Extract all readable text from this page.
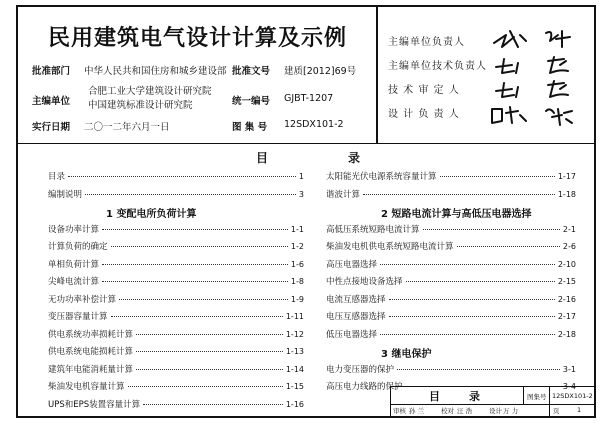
民用建筑电气设计计算及示例
批准部门 中华人民共和国住房和城乡建设部 批准文号 建质[2012]69号
主编单位
合肥工业大学建筑设计研究院
中国建筑标准设计研究院	统一编号 GJBT-1207
实行日期 二〇一二年六月一日	图 集 号 12SDX101-2
主编单位负责人
主编单位技术负责人
技 术 审 定 人
设 计 负 责 人
目	录
目录	1
编制说明	3
1 变配电所负荷计算
设备功率计算	1-1
计算负荷的确定	1-2
单相负荷计算	1-6
尖峰电流计算	1-8
无功功率补偿计算	1-9
变压器容量计算	1-11
供电系统功率损耗计算	1-12
供电系统电能损耗计算	1-13
建筑年电能消耗量计算	1-14
柴油发电机容量计算	1-15
UPS和EPS装置容量计算	1-16
太阳能光伏电源系统容量计算	1-17
谐波计算	1-18
2 短路电流计算与高低压电器选择
高低压系统短路电流计算	2-1
柴油发电机供电系统短路电流计算	2-6
高压电器选择	2-10
中性点接地设备选择	2-15
电流互感器选择	2-16
电压互感器选择	2-17
低压电器选择	2-18
3 继电保护
电力变压器的保护	3-1
高压电力线路的保护	3-4
目	录	图集号 12SDX101-2
审核 孙 兰	校对 汪 浩	设计 万 力	页	1
